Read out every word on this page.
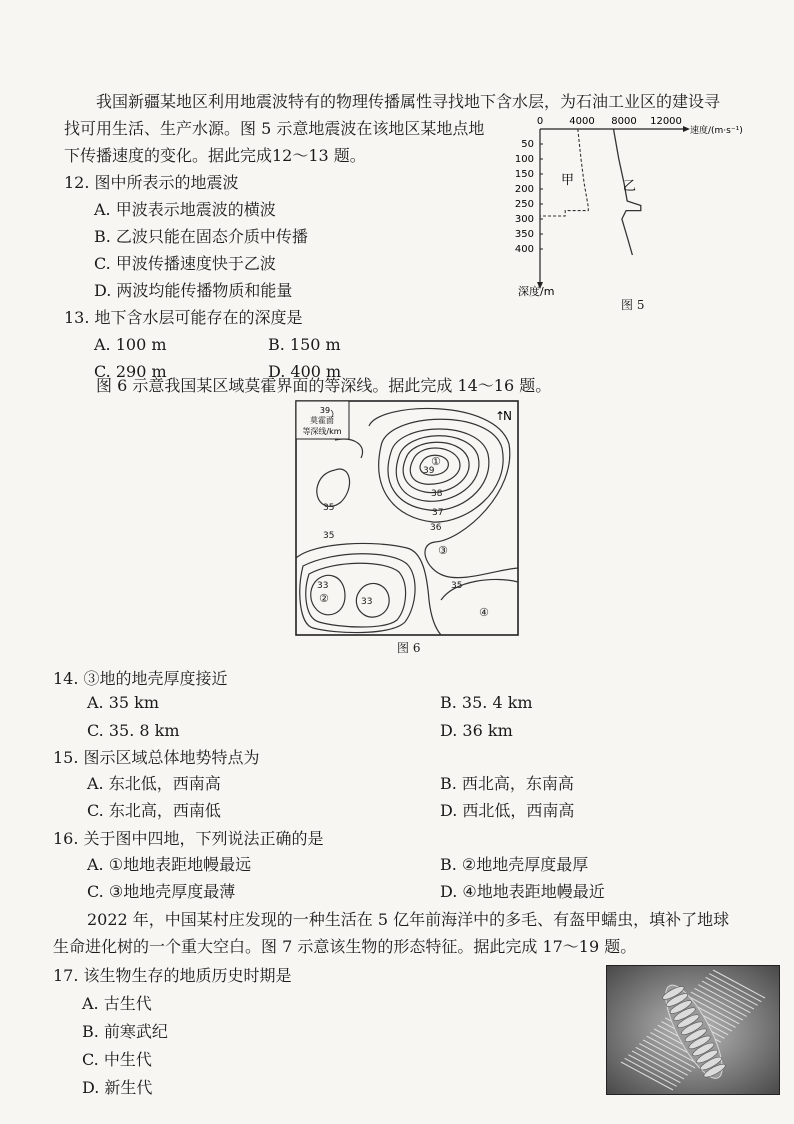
我国新疆某地区利用地震波特有的物理传播属性寻找地下含水层，为石油工业区的建设寻
找可用生活、生产水源。图 5 示意地震波在该地区某地点地
下传播速度的变化。据此完成12～13 题。
0	4000 8000 12000
50
100
150
200
250
300
350
400
速度/(m·s⁻¹)
深度/m
甲	乙
图 5
12. 图中所表示的地震波
A. 甲波表示地震波的横波
B. 乙波只能在固态介质中传播
C. 甲波传播速度快于乙波
D. 两波均能传播物质和能量
13. 地下含水层可能存在的深度是
A. 100 m	B. 150 m
C. 290 m	D. 400 m
图 6 示意我国某区域莫霍界面的等深线。据此完成 14～16 题。
39
莫霍面
等深线/km
↑
N
39
38
37
36
35
35
35
33
33
①
②
③
④
图 6
14. ③地的地壳厚度接近
A. 35 km	B. 35. 4 km
C. 35. 8 km	D. 36 km
15. 图示区域总体地势特点为
A. 东北低，西南高	B. 西北高，东南高
C. 东北高，西南低	D. 西北低，西南高
16. 关于图中四地，下列说法正确的是
A. ①地地表距地幔最远	B. ②地地壳厚度最厚
C. ③地地壳厚度最薄	D. ④地地表距地幔最近
2022 年，中国某村庄发现的一种生活在 5 亿年前海洋中的多毛、有盔甲蠕虫，填补了地球
生命进化树的一个重大空白。图 7 示意该生物的形态特征。据此完成 17～19 题。
17. 该生物生存的地质历史时期是
A. 古生代
B. 前寒武纪
C. 中生代
D. 新生代
